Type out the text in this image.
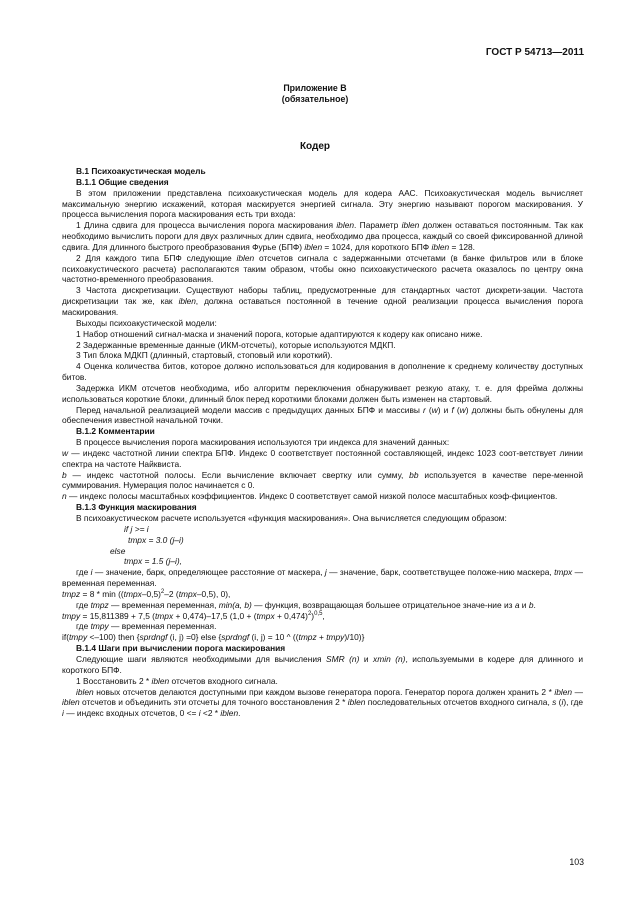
ГОСТ Р 54713—2011
Приложение В
(обязательное)
Кодер

В.1 Психоакустическая модель

В.1.1 Общие сведения

В этом приложении представлена психоакустическая модель для кодера ААС. Психоакустическая модель вычисляет максимальную энергию искажений, которая маскируется энергией сигнала. Эту энергию называют порогом маскирования. У процесса вычисления порога маскирования есть три входа:

1 Длина сдвига для процесса вычисления порога маскирования iblen. Параметр iblen должен оставаться постоянным. Так как необходимо вычислить пороги для двух различных длин сдвига, необходимо два процесса, каждый со своей фиксированной длиной сдвига. Для длинного быстрого преобразования Фурье (БПФ) iblen = 1024, для короткого БПФ iblen = 128.

2 Для каждого типа БПФ следующие iblen отсчетов сигнала с задержанными отсчетами (в банке фильтров или в блоке психоакустического расчета) располагаются таким образом, чтобы окно психоакустического расчета оказалось по центру окна частотно-временного преобразования.

3 Частота дискретизации. Существуют наборы таблиц, предусмотренные для стандартных частот дискрети-зации. Частота дискретизации так же, как iblen, должна оставаться постоянной в течение одной реализации процесса вычисления порога маскирования.

Выходы психоакустической модели:

1 Набор отношений сигнал-маска и значений порога, которые адаптируются к кодеру как описано ниже.

2 Задержанные временные данные (ИКМ-отсчеты), которые используются МДКП.

3 Тип блока МДКП (длинный, стартовый, стоповый или короткий).

4 Оценка количества битов, которое должно использоваться для кодирования в дополнение к среднему количеству доступных битов.

Задержка ИКМ отсчетов необходима, ибо алгоритм переключения обнаруживает резкую атаку, т. е. для фрейма должны использоваться короткие блоки, длинный блок перед короткими блоками должен быть изменен на стартовый.

Перед начальной реализацией модели массив с предыдущих данных БПФ и массивы r (w) и f (w) должны быть обнулены для обеспечения известной начальной точки.

В.1.2 Комментарии

В процессе вычисления порога маскирования используются три индекса для значений данных:

w — индекс частотной линии спектра БПФ. Индекс 0 соответствует постоянной составляющей, индекс 1023 соот-ветствует линии спектра на частоте Найквиста.

b — индекс частотной полосы. Если вычисление включает свертку или сумму, bb используется в качестве пере-менной суммирования. Нумерация полос начинается с 0.

n — индекс полосы масштабных коэффициентов. Индекс 0 соответствует самой низкой полосе масштабных коэф-фициентов.

В.1.3 Функция маскирования

В психоакустическом расчете используется «функция маскирования». Она вычисляется следующим образом:

if j >= i

tmpx = 3.0 (j–i)

else

tmpx = 1.5 (j–i),

где i — значение, барк, определяющее расстояние от маскера, j — значение, барк, соответствущее положе-нию маскера, tmpx — временная переменная.

tmpz = 8 * min ((tmpx–0,5)$^2$–2 (tmpx–0,5), 0),

где tmpz — временная переменная, min(a, b) — функция, возвращающая большее отрицательное значе-ние из a и b.

tmpy = 15,811389 + 7,5 (tmpx + 0,474)–17,5 (1,0 + (tmpx + 0,474)$^2$)$^{0,5}$,

где tmpy — временная переменная.

if(tmpy <–100) then {sprdngf (i, j) =0} else {sprdngf (i, j) = 10 ^ ((tmpz + tmpy)/10)}

В.1.4 Шаги при вычислении порога маскирования

Следующие шаги являются необходимыми для вычисления SMR (n) и xmin (n), используемыми в кодере для длинного и короткого БПФ.

1 Восстановить 2 * iblen отсчетов входного сигнала.

iblen новых отсчетов делаются доступными при каждом вызове генератора порога. Генератор порога должен хранить 2 * iblen — iblen отсчетов и объединить эти отсчеты для точного восстановления 2 * iblen последовательных отсчетов входного сигнала, s (i), где i — индекс входных отсчетов, 0 <= i <2 * iblen.

103
